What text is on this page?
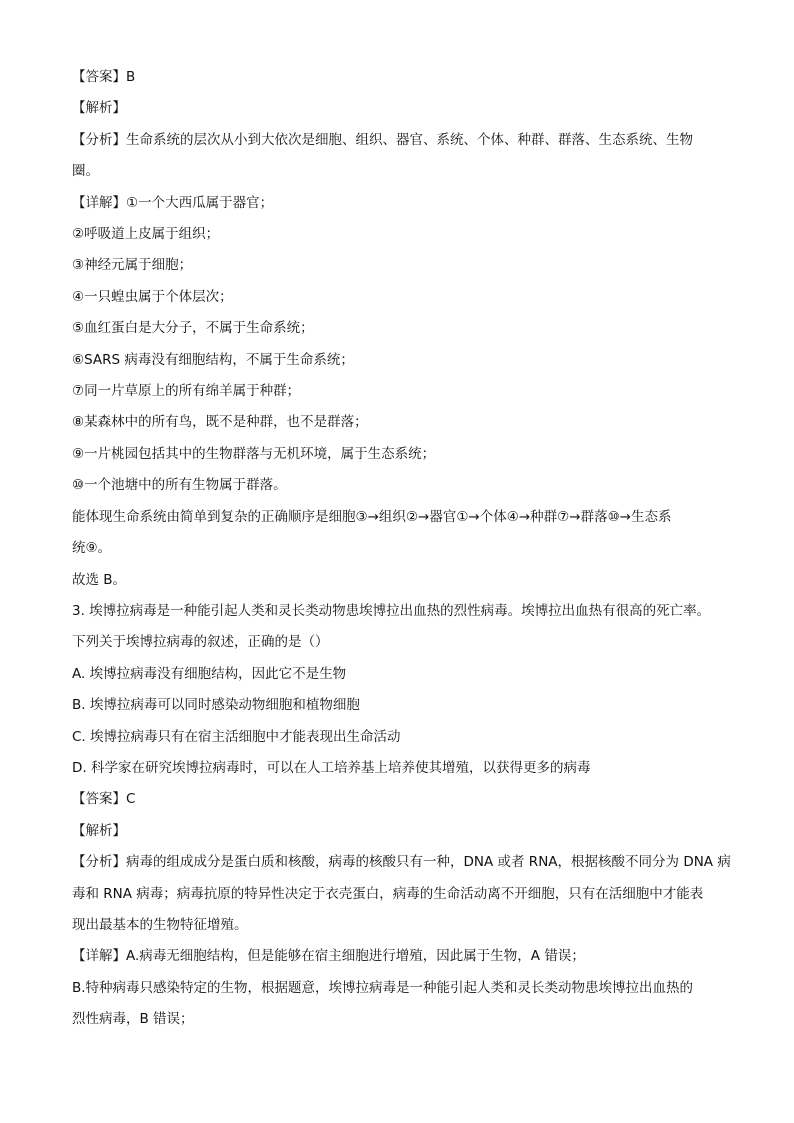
【答案】B

【解析】

【分析】生命系统的层次从小到大依次是细胞、组织、器官、系统、个体、种群、群落、生态系统、生物

圈。

【详解】①一个大西瓜属于器官；

②呼吸道上皮属于组织；

③神经元属于细胞；

④一只蝗虫属于个体层次；

⑤血红蛋白是大分子，不属于生命系统；

⑥SARS 病毒没有细胞结构，不属于生命系统；

⑦同一片草原上的所有绵羊属于种群；

⑧某森林中的所有鸟，既不是种群，也不是群落；

⑨一片桃园包括其中的生物群落与无机环境，属于生态系统；

⑩一个池塘中的所有生物属于群落。

能体现生命系统由简单到复杂的正确顺序是细胞③→组织②→器官①→个体④→种群⑦→群落⑩→生态系

统⑨。

故选 B。

3. 埃博拉病毒是一种能引起人类和灵长类动物患埃博拉出血热的烈性病毒。埃博拉出血热有很高的死亡率。

下列关于埃博拉病毒的叙述，正确的是（）

A. 埃博拉病毒没有细胞结构，因此它不是生物

B. 埃博拉病毒可以同时感染动物细胞和植物细胞

C. 埃博拉病毒只有在宿主活细胞中才能表现出生命活动

D. 科学家在研究埃博拉病毒时，可以在人工培养基上培养使其增殖，以获得更多的病毒

【答案】C

【解析】

【分析】病毒的组成成分是蛋白质和核酸，病毒的核酸只有一种，DNA 或者 RNA，根据核酸不同分为 DNA 病

毒和 RNA 病毒；病毒抗原的特异性决定于衣壳蛋白，病毒的生命活动离不开细胞，只有在活细胞中才能表

现出最基本的生物特征增殖。

【详解】A.病毒无细胞结构，但是能够在宿主细胞进行增殖，因此属于生物，A 错误；

B.特种病毒只感染特定的生物，根据题意，埃博拉病毒是一种能引起人类和灵长类动物患埃博拉出血热的

烈性病毒，B 错误；
